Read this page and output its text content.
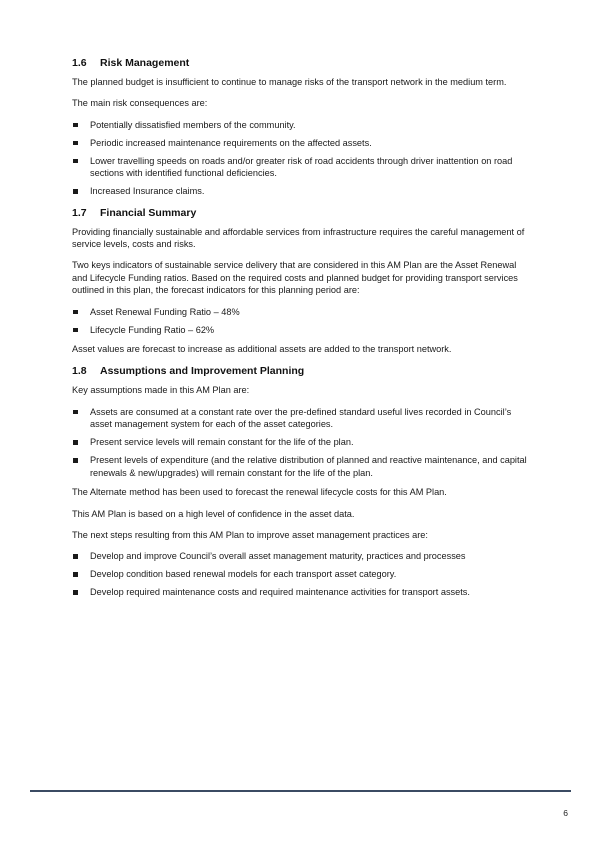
1.6 Risk Management

The planned budget is insufficient to continue to manage risks of the transport network in the medium term.

The main risk consequences are:

Potentially dissatisfied members of the community.
Periodic increased maintenance requirements on the affected assets.
Lower travelling speeds on roads and/or greater risk of road accidents through driver inattention on road sections with identified functional deficiencies.
Increased Insurance claims.
1.7 Financial Summary

Providing financially sustainable and affordable services from infrastructure requires the careful management of service levels, costs and risks.

Two keys indicators of sustainable service delivery that are considered in this AM Plan are the Asset Renewal and Lifecycle Funding ratios. Based on the required costs and planned budget for providing transport services outlined in this plan, the forecast indicators for this planning period are:

Asset Renewal Funding Ratio – 48%
Lifecycle Funding Ratio – 62%

Asset values are forecast to increase as additional assets are added to the transport network.

1.8 Assumptions and Improvement Planning

Key assumptions made in this AM Plan are:

Assets are consumed at a constant rate over the pre-defined standard useful lives recorded in Council’s asset management system for each of the asset categories.
Present service levels will remain constant for the life of the plan.
Present levels of expenditure (and the relative distribution of planned and reactive maintenance, and capital renewals & new/upgrades) will remain constant for the life of the plan.

The Alternate method has been used to forecast the renewal lifecycle costs for this AM Plan.

This AM Plan is based on a high level of confidence in the asset data.

The next steps resulting from this AM Plan to improve asset management practices are:

Develop and improve Council’s overall asset management maturity, practices and processes
Develop condition based renewal models for each transport asset category.
Develop required maintenance costs and required maintenance activities for transport assets.
6
